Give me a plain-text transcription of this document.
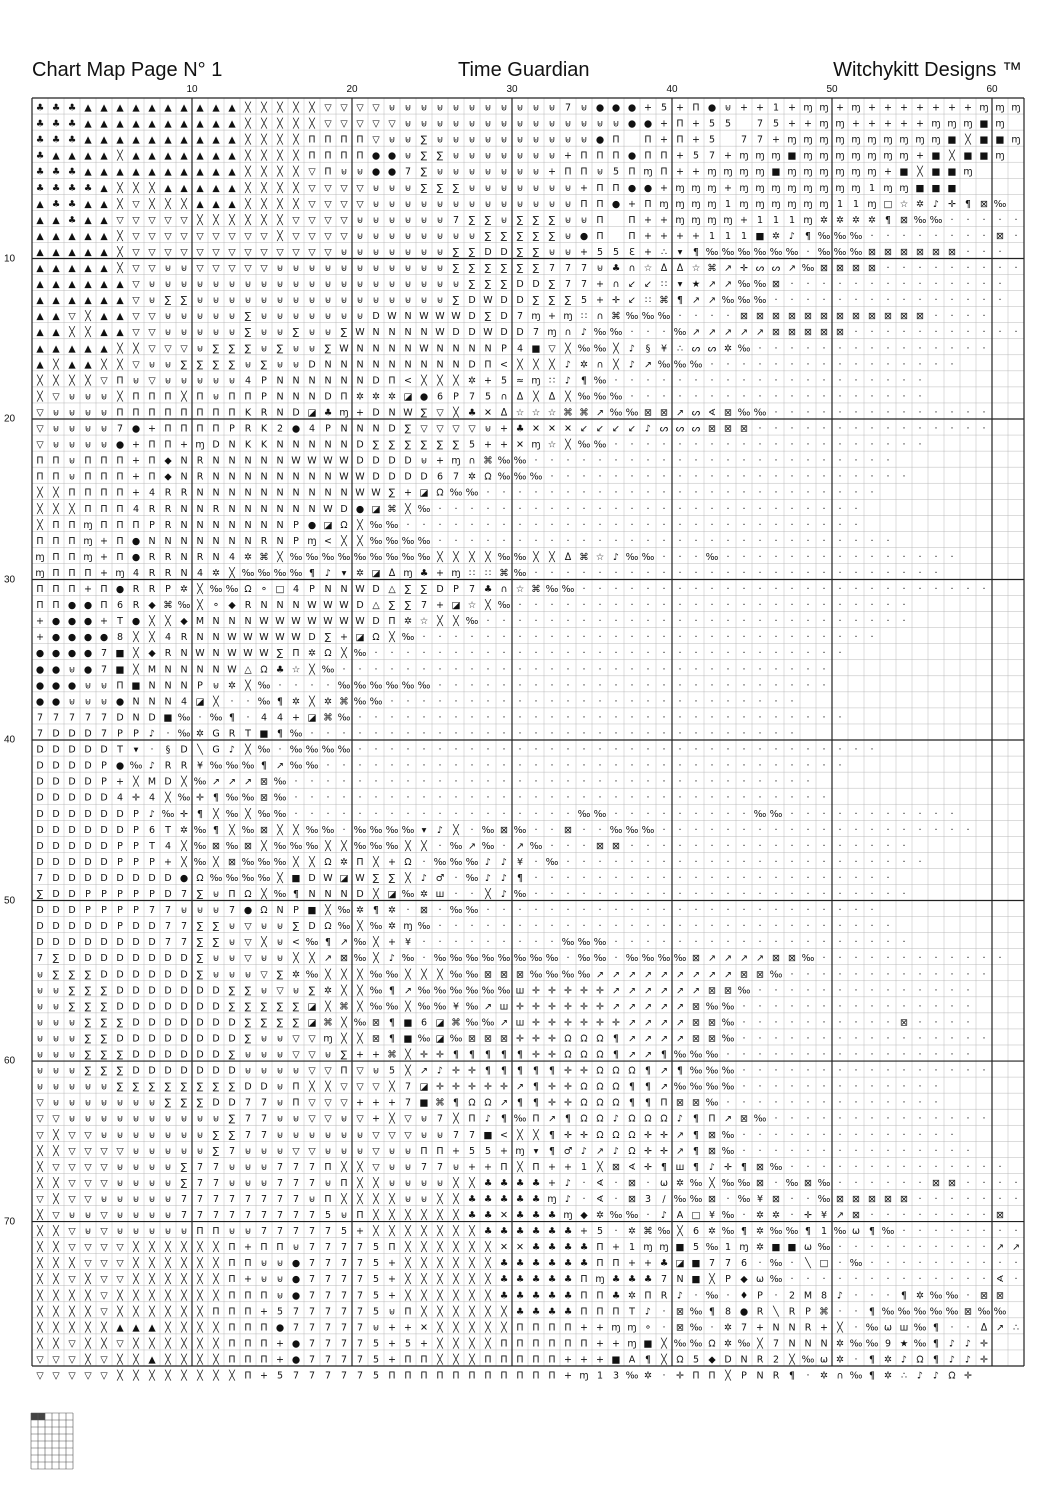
Chart Map Page N° 1	Time Guardian	Witchykitt Designs ™
10	20	30	40	50	60
10
20
30
40
50
60
70
♣ ♣ ♣ ▲ ▲ ▲ ▲ ▲ ▲ ▲ ▲ ▲ ▲ ╳ ╳ ╳ ╳ ╳ ▽ ▽ ▽ ▽ ⊎ ⊎ ⊎ ⊎ ⊎ ⊎ ⊎ ⊎ ⊎ ⊎ ⊎ 7 ⊎ ● ● ● + 5 + Π ● ⊎ + + 1 + ɱ ɱ + ɱ + + + + + + + ɱ ɱ ɱ
♣ ♣ ♣ ▲ ▲ ▲ ▲ ▲ ▲ ▲ ▲ ▲ ▲ ╳ ╳ ╳ ╳ ╳ ▽ ▽ ▽ ▽ ▽ ⊎ ⊎ ⊎ ⊎ ⊎ ⊎ ⊎ ⊎ ⊎ ⊎ ⊎ ⊎ ⊎ ⊎ ● ● + Π + 5 5	7 5 + + ɱ ɱ + + + + + ɱ ɱ ɱ ■ ɱ
♣ ♣ ♣ ▲ ▲ ▲ ▲ ▲ ▲ ▲ ▲ ▲ ▲ ╳ ╳ ╳ ╳ Π Π Π Π ▽ ⊎ ⊎ ∑ ⊎ ⊎ ⊎ ⊎ ⊎ ⊎ ⊎ ⊎ ⊎ ⊎ ● Π	Π + Π + 5	7 7 + ɱ ɱ ɱ ɱ ɱ ɱ ɱ ɱ ɱ ɱ ■ ╳ ■ ■ ɱ
♣ ▲ ▲ ▲ ▲ ╳ ▲ ▲ ▲ ▲ ▲ ▲ ▲ ╳ ╳ ╳ ╳ Π Π Π Π ● ● ⊎ ∑ ∑ ⊎ ⊎ ⊎ ⊎ ⊎ ⊎ ⊎ + Π Π Π ● Π Π + 5 7 + ɱ ɱ ɱ ■ ɱ ɱ ɱ ɱ ɱ ɱ ɱ + ■ ╳ ■ ■ ɱ
♣ ♣ ♣ ▲ ▲ ▲ ▲ ▲ ▲ ▲ ▲ ▲ ▲ ╳ ╳ ╳ ╳ ▽ Π ⊎ ⊎ ● ● 7 ∑ ⊎ ⊎ ⊎ ⊎ ⊎ ⊎ ⊎ + Π Π ⊎ 5 Π ɱ Π + + ɱ ɱ ɱ ɱ ■ ɱ ɱ ɱ ɱ ɱ ɱ + ■ ╳ ■ ■ ɱ
♣ ♣ ♣ ♣ ▲ ╳ ╳ ╳ ▲ ▲ ▲ ▲ ▲ ╳ ╳ ╳ ╳ ▽ ▽ ▽ ▽ ⊎ ⊎ ⊎ ∑ ∑ ∑ ⊎ ⊎ ⊎ ⊎ ⊎ ⊎ ⊎ + Π Π ● ● + ɱ ɱ ɱ + ɱ ɱ ɱ ɱ ɱ ɱ ɱ ɱ 1 ɱ ɱ ■ ■ ■
▲ ♣ ♣ ▲ ▲ ╳ ▽ ╳ ╳ ╳ ▲ ▲ ▲ ╳ ╳ ╳ ╳ ▽ ▽ ▽ ▽ ⊎ ⊎ ⊎ ⊎ ⊎ ⊎ ⊎ ⊎ ⊎ ⊎ ⊎ ⊎ ⊎ Π Π ● + Π ɱ ɱ ɱ ɱ 1 ɱ ɱ ɱ ɱ ɱ ɱ 1 1 ɱ □ ☆ ✲ ♪ ✛ ¶ ⊠ ‰
▲ ▲ ♣ ▲ ▲ ▽ ▽ ▽ ▽ ▽ ╳ ╳ ╳ ╳ ╳ ╳ ▽ ▽ ▽ ▽ ⊎ ⊎ ⊎ ⊎ ⊎ ⊎ 7 ∑ ∑ ⊎ ∑ ∑ ∑ ⊎ ⊎ Π	Π + + ɱ ɱ ɱ ɱ + 1 1 1 ɱ ✲ ✲ ✲ ✲ ¶ ⊠ ‰ ‰ · · · · ·
▲ ▲ ▲ ▲ ▲ ╳ ▽ ▽ ▽ ▽ ▽ ▽ ▽ ▽ ▽ ╳ ▽ ▽ ▽ ▽ ⊎ ⊎ ⊎ ⊎ ⊎ ⊎ ⊎ ⊎ ∑ ∑ ∑ ∑ ∑ ⊎ ● Π	Π + + + + 1 1 1 ■ ✲ ♪ ¶ ‰ ‰ ‰ · · · · · · · · ⊠ ·
▲ ▲ ▲ ▲ ▲ ╳ ▽ ▽ ▽ ▽ ▽ ▽ ▽ ▽ ▽ ▽ ▽ ▽ ▽ ⊎ ⊎ ⊎ ⊎ ⊎ ⊎ ⊎ ∑ ∑ D D ∑ ∑ ⊎ ⊎ + 5 5 ℇ + ∴ ▾ ¶ ‰ ‰ ‰ ‰ ‰ ‰ · ‰ ‰ ‰ ⊠ ⊠ ⊠ ⊠ ⊠ ⊠ · · ·
▲ ▲ ▲ ▲ ▲ ╳ ▽ ▽ ⊎ ⊎ ▽ ▽ ▽ ▽ ▽ ⊎ ⊎ ⊎ ⊎ ⊎ ⊎ ⊎ ⊎ ⊎ ⊎ ⊎ ∑ ∑ ∑ ∑ ∑ ∑ 7 7 7 ⊎ ♣ ∩ ☆ ᐃ ᐃ ☆ ⌘ ↗ ✛ ᔕ ᔕ ↗ ‰ ⊠ ⊠ ⊠ ⊠ · · · · · · · · ·
▲ ▲ ▲ ▲ ▲ ▲ ▽ ⊎ ⊎ ⊎ ⊎ ⊎ ⊎ ⊎ ⊎ ⊎ ⊎ ⊎ ⊎ ⊎ ⊎ ⊎ ⊎ ⊎ ⊎ ⊎ ⊎ ∑ ∑ ∑ D D ∑ 7 7 + ∩ ↙ ↙ ∷ ▾ ★ ↗ ↗ ‰ ‰ ⊠ · · · · · · · · · · · · · ·
▲ ▲ ▲ ▲ ▲ ▲ ▽ ⊎ ∑ ∑ ⊎ ⊎ ⊎ ⊎ ⊎ ⊎ ⊎ ⊎ ⊎ ⊎ ⊎ ⊎ ⊎ ⊎ ⊎ ⊎ ∑ D W D D ∑ ∑ ∑ 5 + ✛ ↙ ∷ ⌘ ¶ ↗ ↗ ‰ ‰ ‰ · · · · · · · · · · · · · · ·
▲ ▲ ▽ ╳ ▲ ▲ ▽ ▽ ⊎ ⊎ ⊎ ⊎ ⊎ ∑ ⊎ ⊎ ⊎ ⊎ ⊎ ⊎ ⊎ D W N W W W D ∑ D 7 ɱ + ɱ ∷ ∩ ⌘ ‰ ‰ ‰ · · · · ⊠ ⊠ ⊠ ⊠ ⊠ ⊠ ⊠ ⊠ ⊠ ⊠ ⊠ ⊠ · · · ·
▲ ▲ ╳ ╳ ▲ ▲ ▽ ▽ ⊎ ⊎ ⊎ ⊎ ⊎ ∑ ⊎ ⊎ ∑ ⊎ ⊎ ∑ W N N N N W D D W D D 7 ɱ ∩ ♪ ‰ ‰ · · · ‰ ↗ ↗ ↗ ↗ ↗ ⊠ ⊠ ⊠ ⊠ ⊠ · · · · · · · · · · ·
▲ ▲ ▲ ▲ ▲ ╳ ╳ ▽ ▽ ▽ ⊎ ∑ ∑ ∑ ⊎ ∑ ⊎ ⊎ ∑ W N N N N W N N N N P 4 ■ ▽ ╳ ‰ ‰ ╳ ♪ § ¥ ∴ ᔕ ᔕ ✲ ‰ · · · · · · · · · · · · · · ·
▲ ╳ ▲ ▲ ╳ ╳ ▽ ⊎ ⊎ ∑ ∑ ∑ ∑ ⊎ ∑ ⊎ ⊎ D N N N N N N N N N D Π < ╳ ╳ ╳ ♪ ✲ ∩ ╳ ♪ ↗ ‰ ‰ ‰ · · · · · · · · · · · · · · · ·
╳ ╳ ╳ ╳ ▽ Π ⊎ ▽ ⊎ ⊎ ⊎ ⊎ ⊎ 4 P N N N N N N D Π < ╳ ╳ ╳ ✲ + 5 ≈ ɱ ∷ ♪ ¶ ‰ · · · · · · · · · · · · · · · · · · · ·
╳ ▽ ⊎ ⊎ ⊎ ╳ Π Π Π ╳ Π ⊎ Π Π P N N N D Π ✲ ✲ ✲ ◪ ● 6 P 7 5 ∩ ᐃ ╳ ᐃ ╳ ‰ ‰ ‰ · · · · · · · · · · · · · · · · · · ·
▽ ⊎ ⊎ ⊎ ⊎ Π Π Π Π Π Π Π Π K R N D ◪ ♣ ɱ + D N W ∑ ▽ ╳ ♣ ✕ ᐃ ☆ ☆ ☆ ⌘ ⌘ ↗ ‰ ‰ ⊠ ⊠ ↗ ᔕ ∢ ⊠ ‰ ‰ · · · · · · · · · · · · · ·
▽ ⊎ ⊎ ⊎ ⊎ 7 ● + Π Π Π Π P R K 2 ● 4 P N N N D ∑ ▽ ▽ ▽ ▽ ⊎ + ♣ ✕ ✕ ✕ ↙ ↙ ↙ ↙ ♪ ᔕ ᔕ ᔕ ⊠ ⊠ ⊠ · · · · · · · · · · · · · · ·
▽ ⊎ ⊎ ⊎ ⊎ ● + Π Π + ɱ D N K K N N N N N D ∑ ∑ ∑ ∑ ∑ ∑ 5 + + ✕ ɱ ☆ ╳ ‰ ‰ · · · · · · · · · · · · · · · · · · · ·
Π Π ⊎ Π Π Π + Π ◆ N R N N N N N W W W W D D D D ⊎ + ɱ ∩ ⌘ ‰ ‰ · · · · · · · · · · · · · · · · · · · · · · ·
Π Π ⊎ Π Π Π + Π ◆ N R N N N N N N N N W W D D D D 6 7 ✲ ᘯ ‰ ‰ ‰ · · · · · · · · · · · · · · · · · · · · · · ·
╳ ╳ Π Π Π Π + 4 R R N N N N N N N N N N W W ∑ + ◪ ᘯ ‰ ‰ · · · · · · · · · · · · · · · · · · · · · · · · ·
╳ ╳ ╳ Π Π Π 4 R R N N R N N N N N N W D ● ◪ ⌘ ╳ ‰ · · · · · · · · · · · · · · · · · · · · · · · · · · ·
╳ Π Π ɱ Π Π Π P R N N N N N N N P ● ◪ ᘯ ╳ ‰ ‰ · · · · · · · · · · · · · · · · · · · · · · · · · · · · ·
Π Π Π ɱ + Π ● N N N N N N N R N P ɱ < ╳ ╳ ‰ ‰ ‰ ‰ · · · · · · · · · · · · · · · · · · · · · · · · · · · · ·
ɱ Π Π ɱ + Π ● R R N R N 4 ✲ ⌘ ╳ ‰ ‰ ‰ ‰ ‰ ‰ ‰ ‰ ‰ ╳ ╳ ╳ ╳ ‰ ‰ ╳ ╳ ᐃ ⌘ ☆ ♪ ‰ ‰ · · · ‰ · · · · · · · · · · · · · · ·
ɱ Π Π Π + ɱ 4 R R N 4 ✲ ╳ ‰ ‰ ‰ ‰ ¶ ♪ ▾ ✲ ◪ ᐃ ɱ ♣ + ɱ ∷ ∷ ⌘ ‰ · · · · · · · · · · · · · · · · · · · · · · · · · ·
Π Π Π + Π ● R R P ✲ ╳ ‰ ‰ ᘯ ⚬ □ 4 P N N W D △ ∑ ∑ D P 7 ♣ ∩ ☆ ⌘ ‰ ‰ · · · · · · · · · · · · · · · · · · · · · · · · · ·
Π Π ● ● Π 6 R ◆ ⌘ ‰ ╳ ⚬ ◆ R N N N W W W D △ ∑ ∑ 7 + ◪ ☆ ╳ ‰ · · · · · · · · · · · · · · · · · · · · · · · · ·
+ ● ● ● + T ● ╳ ╳ ◆ M N N N W W W W W W W D Π ✲ ☆ ╳ ╳ ‰ · · · · · · · · · · · · · · · · · · · · · · · · · · ·
+ ● ● ● ● 8 ╳ ╳ 4 R N N W W W W W D ∑ + ◪ ᘯ ╳ ‰ · · · · · · · · · · · · · · · · · · · · · · · · · · · · ·
● ● ● ● 7 ■ ╳ ◆ R N W N W W W ∑ Π ✲ ᘯ ╳ ‰ · · · · · · · · · · · · · · · · · · · · · · · · · · · · · ·
● ● ⊎ ● 7 ■ ╳ M N N N N W △ ᘯ ♣ ☆ ╳ ‰ · · · · · · · · · · · · · · · · · · · · · · · · · · · · · · ·
● ● ● ⊎ ⊎ Π ■ N N N P ⊎ ✲ ╳ ‰ · · · · ‰ ‰ ‰ ‰ ‰ ‰ · · · · · · · · · · · · · · · · · · · · · · · · ·
● ● ⊎ ⊎ ⊎ ● N N N 4 ◪ ╳ · · ‰ ¶ ✲ ╳ ✲ ⌘ ‰ ‰ · · · · · · · · · · · · · · · · · · · · · · · · · ·
7 7 7 7 7 D N D ■ ‰ · ‰ ¶ · 4 4 + ◪ ⌘ ‰ · · · · · · · · · · · · · · · · · · · · · · · · · · · · · · ·
7 D D D 7 P P ♪ · ‰ ✲ G R T ■ ¶ ‰ · · · · · · · · · · · · · · · · · · · · · · · · · · · · · · ·
D D D D D T ▾ · § D ╲ G ♪ ╳ ‰ · ‰ ‰ ‰ ‰ · · · · · · · · · · · · · · · · · · · · · · · · · · · · · · · · ·
D D D D P ● ‰ ♪ R R ¥ ‰ ‰ ‰ ¶ ↗ ‰ ‰ · · · · · · · · · · · · · · · · · · · · · · · · · · · · · · · · ·
D D D D P + ╳ M D ╳ ‰ ↗ ↗ ↗ ⊠ ‰ · · · · · · · · · · · · · · · · · · · · · · · · · · · · · · · · ·
D D D D D 4 ✛ 4 ╳ ‰ ✛ ¶ ‰ ‰ ⊠ ‰ · · · · · · · · · · · · · · · · · · · · · · · · · · · · · · · · · ·
D D D D D D P ♪ ‰ ✛ ¶ ╳ ‰ ╳ ‰ ‰ · · · · · · · · · · · · · · · · · · ‰ ‰ · · · · · · · · · ‰ ‰ · · · · · · · · · · ·
D D D D D D P 6 T ✲ ‰ ¶ ╳ ‰ ⊠ ╳ ╳ ‰ ‰ · ‰ ‰ ‰ ‰ ▾ ♪ ╳ · ‰ ⊠ ‰ · · ⊠ · · ‰ ‰ ‰ · · · · · · · · · · · · · · · · · · · ·
D D D D D P P T 4 ╳ ‰ ⊠ ‰ ⊠ ╳ ‰ ‰ ‰ ╳ ╳ ‰ ‰ ‰ ╳ ╳ · ‰ ↗ ‰ · ↗ ‰ · · · ⊠ ⊠ · · · · · · · · · · · · · · · · · ·
D D D D D P P P + ╳ ‰ ╳ ⊠ ‰ ‰ ‰ ╳ ╳ ᘯ ✲ Π ╳ + ᘯ · ‰ ‰ ‰ ♪ ♪ ¥ · ‰ · · · · · · · · · · · · · · · · · · · · · · ·
7 D D D D D D D D ● ᘯ ‰ ‰ ‰ ‰ ╳ ■ D W ◪ W ∑ ∑ ╳ ♪ ♂ · ‰ ♪ ♪ ¶ · · · · · · · · · · · · · · · · · · · · · · ·
∑ D D P P P P P D 7 ∑ ⊎ Π ᘯ ╳ ‰ ¶ N N N D ╳ ◪ ‰ ✲ ш · · ╳ ♪ ‰ · · · · · · · · · · · · · · · · · · · · · · · ·
D D D P P P P 7 7 ⊎ ⊎ ⊎ 7 ● ᘯ N P ■ ╳ ‰ ✲ ¶ ✲ · ⊠ · ‰ ‰ · · · · · · · · · · · · · · · · · · · · · · · · ·
D D D D D P D D 7 7 ∑ ∑ ⊎ ▽ ⊎ ⊎ ∑ D ᘯ ‰ ╳ ‰ ✲ ɱ ‰ · · · · · · · · · · · · · · · · · · · · · · · · · · · · ·
D D D D D D D D 7 7 ∑ ∑ ⊎ ▽ ╳ ⊎ < ‰ ¶ ↗ ‰ ╳ + ¥ · · · · · · · · · ‰ ‰ ‰ · · · · · · · · · · · · · · · · · · ·
7 ∑ D D D D D D D D ∑ ⊎ ⊎ ▽ ⊎ ⊎ ╳ ╳ ↗ ⊠ ‰ ╳ ♪ ‰ · ‰ ‰ ‰ ‰ ‰ ‰ ‰ ‰ · ‰ ‰ · ‰ ‰ ‰ ‰ ⊠ ↗ ↗ ↗ ↗ ⊠ ⊠ ‰ · · · · · · · · · · · ·
⊎ ∑ ∑ ∑ D D D D D D ∑ ⊎ ⊎ ⊎ ▽ ∑ ✲ ‰ ╳ ╳ ╳ ‰ ‰ ╳ ╳ ╳ ‰ ‰ ⊠ ⊠ ⊠ ‰ ‰ ‰ ‰ ↗ ↗ ↗ ↗ ↗ ↗ ↗ ↗ ↗ ⊠ ⊠ ‰ · · · · · · · · · · · · ·
⊎ ⊎ ∑ ∑ ∑ D D D D D D D ∑ ∑ ⊎ ▽ ⊎ ∑ ✲ ╳ ╳ ‰ ¶ ↗ ‰ ‰ ‰ ‰ ‰ ‰ ш ✛ ✛ ✛ ✛ ✛ ↗ ↗ ↗ ↗ ↗ ↗ ⊠ ⊠ ‰ · · · · · · · · · · · · · ·
⊎ ⊎ ∑ ∑ ∑ D D D D D D D ∑ ∑ ∑ ∑ ∑ ◪ ╳ ⌘ ╳ ‰ ‰ ╳ ‰ ‰ ¥ ‰ ↗ ш ✛ ✛ ✛ ✛ ✛ ✛ ↗ ↗ ↗ ↗ ↗ ⊠ ‰ ‰ · · · · · · · · · · · · · · ·
⊎ ⊎ ⊎ ∑ ∑ ∑ D D D D D D D ∑ ∑ ∑ ∑ ◪ ⌘ ╳ ‰ ⊠ ¶ ■ 6 ◪ ⌘ ‰ ‰ ↗ ш ✛ ✛ ✛ ✛ ✛ ✛ ↗ ↗ ↗ ↗ ⊠ ⊠ ‰ · · · · · · · · · · ⊠ · · · ·
⊎ ⊎ ⊎ ∑ ∑ D D D D D D D D ∑ ⊎ ⊎ ▽ ▽ ɱ ╳ ╳ ⊠ ¶ ■ ‰ ◪ ‰ ⊠ ⊠ ⊠ ✛ ✛ ✛ ᘯ ᘯ ᘯ ¶ ↗ ↗ ↗ ↗ ⊠ ⊠ ‰ · · · · · · · · · · · · · · · ·
⊎ ⊎ ⊎ ∑ ∑ ∑ D D D D D D ∑ ⊎ ⊎ ⊎ ▽ ▽ ⊎ ∑ + + ⌘ ╳ ✛ ✛ ¶ ¶ ¶ ¶ ¶ ✛ ✛ ᘯ ᘯ ᘯ ¶ ↗ ↗ ¶ ‰ ‰ ‰ · · · · · · · · · · · · · · · ·
⊎ ⊎ ⊎ ∑ ∑ ∑ D D D D D D D ⊎ ⊎ ⊎ ⊎ ▽ ▽ Π ▽ ⊎ 5 ╳ ↗ ♪ ✛ ✛ ¶ ¶ ¶ ¶ ¶ ✛ ✛ ᘯ ᘯ ᘯ ¶ ↗ ¶ ‰ ‰ ‰ · · · · · · · · · · · · · · · ·
⊎ ⊎ ⊎ ⊎ ⊎ ∑ ∑ ∑ ∑ ∑ ∑ ∑ ∑ D D ⊎ Π ╳ ╳ ▽ ▽ ▽ ╳ 7 ◪ ✛ ✛ ✛ ✛ ✛ ↗ ¶ ✛ ✛ ᘯ ᘯ ᘯ ¶ ¶ ↗ ‰ ‰ ‰ ‰ · · · · · · · · · · · · ·
▽ ⊎ ⊎ ⊎ ⊎ ⊎ ⊎ ⊎ ∑ ∑ ∑ D D 7 7 ⊎ Π ▽ ▽ ▽ + + + 7 ■ ⌘ ¶ ᘯ ᘯ ↗ ¶ ¶ ✛ ✛ ᘯ ᘯ ᘯ ¶ ¶ Π ⊠ ⊠ ‰ · · · · · · · · · · · · · ·
▽ ▽ ⊎ ⊎ ⊎ ⊎ ⊎ ⊎ ⊎ ⊎ ⊎ ⊎ ∑ 7 7 ⊎ ⊎ ▽ ▽ ⊎ ▽ + ╳ ▽ ⊎ 7 ╳ Π ♪ ¶ ‰ Π ↗ ¶ ᘯ ᘯ ♪ ᘯ ᘯ ᘯ ♪ ¶ Π ↗ ⊠ ‰ · · · · · · · · · · · · · ·
▽ ╳ ▽ ▽ ⊎ ⊎ ⊎ ⊎ ⊎ ⊎ ⊎ ∑ ∑ 7 7 ⊎ ⊎ ⊎ ⊎ ⊎ ⊎ ▽ ▽ ▽ ⊎ ⊎ 7 7 ■ < ╳ ╳ ¶ ✛ ✛ ᘯ ᘯ ᘯ ✛ ✛ ↗ ¶ ⊠ ‰ · · · · · · · · · · · · · ·
╳ ╳ ▽ ▽ ▽ ▽ ⊎ ⊎ ⊎ ⊎ ⊎ ∑ 7 ⊎ ⊎ ⊎ ▽ ▽ ⊎ ⊎ ⊎ ▽ ⊎ ⊎ Π Π + 5 5 + ɱ ▾ ¶ ♂ ♪ ↗ ♪ ᘯ ✛ ✛ ↗ ¶ ⊠ ‰ · · · · · · · · · · · · · · ·
╳ ▽ ▽ ▽ ▽ ⊎ ⊎ ⊎ ⊎ ∑ 7 7 ⊎ ⊎ ⊎ 7 7 7 Π ╳ ╳ ▽ ⊎ ⊎ 7 7 ⊎ + + Π ╳ Π + + 1 ╳ ⊠ ∢ ✛ ¶ ш ¶ ♪ ✛ ¶ ⊠ ‰ · · · · · · · · · · · · · ·
╳ ╳ ▽ ▽ ▽ ⊎ ⊎ ⊎ ⊎ ∑ 7 7 ⊎ ⊎ ⊎ 7 7 7 ⊎ Π ╳ ╳ ⊎ ⊎ ⊎ ⊎ ╳ ╳ ♣ ♣ ♣ ♣ + ♪ · ∢ · ⊠ · ω ✲ ‰ ╳ ‰ ‰ ⊠ · ‰ ⊠ ‰ · · · · · · ⊠ ⊠ · · · ·
▽ ╳ ▽ ▽ ⊎ ⊎ ⊎ ⊎ ⊎ 7 7 7 7 7 7 7 7 ⊎ Π ╳ ╳ ╳ ╳ ⊎ ⊎ ╳ ╳ ♣ ♣ ♣ ♣ ♣ ɱ ♪ · ∢ · ⊠ 3 ∕ ‰ ‰ ⊠ · ‰ ¥ ⊠ · · ‰ ⊠ ⊠ ⊠ ⊠ ⊠ · · · · · · ·
╳ ▽ ⊎ ⊎ ▽ ⊎ ⊎ ⊎ ⊎ 7 7 7 7 7 7 7 7 7 5 ⊎ Π ╳ ╳ ╳ ╳ ╳ ╳ ♣ ♣ ✕ ♣ ♣ ♣ ɱ ◆ ✲ ‰ ‰ · ♪ A □ ¥ ‰ · ✲ ✲ · ✛ ¥ ↗ ⊠ · · · · · · · · ⊠
╳ ╳ ▽ ⊎ ▽ ⊎ ⊎ ⊎ ⊎ ⊎ Π Π ⊎ ⊎ 7 7 7 7 7 5 + ╳ ╳ ╳ ╳ ╳ ╳ ╳ ♣ ♣ ♣ ♣ ♣ ♣ + 5 · ✲ ⌘ ‰ ╳ 6 ✲ ‰ ¶ ✲ ‰ ‰ ¶ 1 ‰ ω ¶ ‰ · · · · · · · ·
╳ ╳ ▽ ▽ ▽ ▽ ╳ ╳ ╳ ╳ ╳ ╳ Π + Π Π ⊎ 7 7 7 7 5 Π ╳ ╳ ╳ ╳ ╳ ╳ ✕ ✕ ♣ ♣ ♣ ♣ Π + 1 ɱ ɱ ■ 5 ‰ 1 ɱ ✲ ■ ■ ω ‰ · · · · · · · · · · ↗ ↗
╳ ╳ ╳ ▽ ▽ ▽ ╳ ╳ ╳ ╳ ╳ ╳ Π Π ⊎ ⊎ ● 7 7 7 7 5 + ╳ ╳ ╳ ╳ ╳ ╳ ♣ ♣ ♣ ♣ ♣ ♣ Π Π + + ♣ ◪ ■ 7 7 6 · ‰ · ╲ □ · ‰ · · · · · · · · · ·
╳ ╳ ▽ ╳ ▽ ▽ ╳ ╳ ╳ ╳ ╳ ╳ Π + ⊎ ⊎ ● 7 7 7 7 5 + ╳ ╳ ╳ ╳ ╳ ╳ ♣ ♣ ♣ ♣ ♣ Π ɱ ♣ ♣ ♣ 7 N ■ ╳ P ◆ ω ‰ · · · · · · · · · · · · · ∢ ·
╳ ╳ ╳ ╳ ▽ ╳ ╳ ╳ ╳ ╳ ╳ ╳ Π Π Π ⊎ ● 7 7 7 7 5 + ╳ ╳ ╳ ╳ ╳ ╳ ♣ ♣ ♣ ♣ ♣ Π Π ♣ ✲ Π R ♪ · ‰ · ♦ P · 2 M 8 ♪ · · · ¶ ✲ ‰ ‰ · ⊠ ⊠
╳ ╳ ╳ ╳ ▽ ╳ ╳ ╳ ╳ ╳ ╳ Π Π Π + 5 7 7 7 7 7 5 ⊎ Π ╳ ╳ ╳ ╳ ╳ ╳ ♣ ♣ ♣ ♣ Π Π Π T ♪ · ⊠ ‰ ¶ 8 ● R ╲ R P ⌘ · · ¶ ‰ ‰ ‰ ‰ ‰ ⊠ ‰ ‰
╳ ╳ ╳ ╳ ╳ ▲ ▲ ▲ ╳ ╳ ╳ ╳ Π Π Π ● 7 7 7 7 7 ⊎ + + ✕ ╳ ╳ ╳ ╳ ╳ Π Π Π Π + + ɱ ɱ ⚬ · ⊠ ‰ · ✲ 7 + N N R + ╳ · ‰ ω ш ‰ ¶ · · ᐃ ↗ ∴
╳ ╳ ▽ ╳ ╳ ▽ ╳ ╳ ╳ ╳ ╳ ╳ Π Π Π + ● 7 7 7 7 5 + 5 + ╳ ╳ ╳ ╳ Π Π Π Π Π Π + + ɱ ■ ╳ ‰ ‰ ᘯ ✲ ‰ ╳ 7 N N N ✲ ‰ ‰ 9 ★ ‰ ¶ ♪ ♪ ✛
▽ ▽ ▽ ╳ ▽ ╳ ╳ ▲ ╳ ╳ ╳ ╳ Π Π Π + ● 7 7 7 7 5 + Π Π ╳ ╳ ╳ Π Π Π Π Π + + + ■ A ¶ ╳ ᘯ 5 ◆ D N R 2 ╳ ‰ ω ✲ · ¶ ✲ ♪ ᘯ ¶ ♪ ♪ ✛
▽ ▽ ▽ ▽ ▽ ╳ ╳ ╳ ╳ ╳ ╳ ╳ ╳ Π + 5 7 7 7 7 7 5 Π Π Π Π Π Π Π Π Π Π Π + ɱ 1 3 ‰ ✲ · ✛ Π Π ╳ P N R ¶ · ✲ ∩ ‰ ¶ ✲ ∴ ♪ ♪ ᘯ ✛
